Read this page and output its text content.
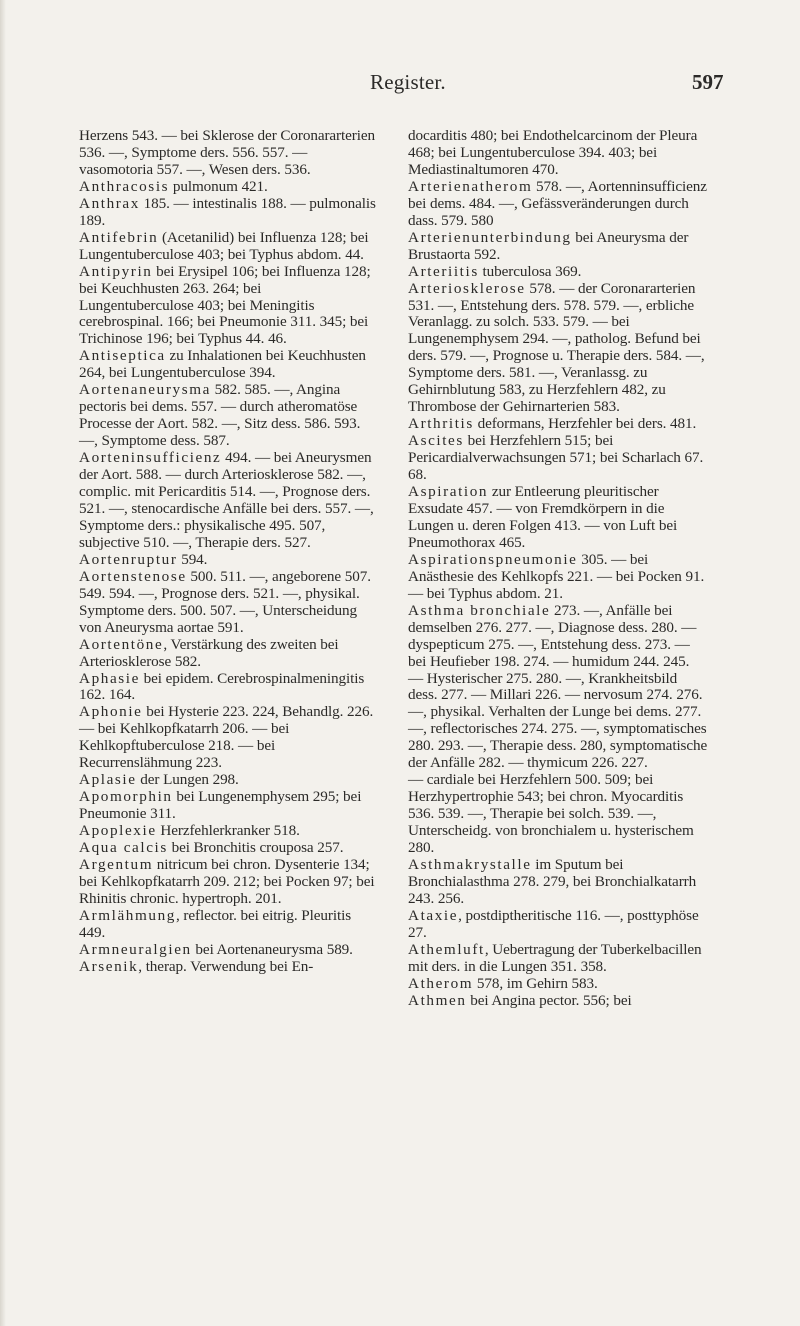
Register.	597

Herzens 543. — bei Sklerose der Coronararterien 536. —, Symptome ders. 556. 557. — vasomotoria 557. —, Wesen ders. 536.

Anthracosis pulmonum 421.

Anthrax 185. — intestinalis 188. — pulmonalis 189.

Antifebrin (Acetanilid) bei Influenza 128; bei Lungentuberculose 403; bei Typhus abdom. 44.

Antipyrin bei Erysipel 106; bei Influenza 128; bei Keuchhusten 263. 264; bei Lungentuberculose 403; bei Meningitis cerebrospinal. 166; bei Pneumonie 311. 345; bei Trichinose 196; bei Typhus 44. 46.

Antiseptica zu Inhalationen bei Keuchhusten 264, bei Lungentuberculose 394.

Aortenaneurysma 582. 585. —, Angina pectoris bei dems. 557. — durch atheromatöse Processe der Aort. 582. —, Sitz dess. 586. 593. —, Symptome dess. 587.

Aorteninsufficienz 494. — bei Aneurysmen der Aort. 588. — durch Arteriosklerose 582. —, complic. mit Pericarditis 514. —, Prognose ders. 521. —, stenocardische Anfälle bei ders. 557. —, Symptome ders.: physikalische 495. 507, subjective 510. —, Therapie ders. 527.

Aortenruptur 594.

Aortenstenose 500. 511. —, angeborene 507. 549. 594. —, Prognose ders. 521. —, physikal. Symptome ders. 500. 507. —, Unterscheidung von Aneurysma aortae 591.

Aortentöne, Verstärkung des zweiten bei Arteriosklerose 582.

Aphasie bei epidem. Cerebrospinalmeningitis 162. 164.

Aphonie bei Hysterie 223. 224, Behandlg. 226. — bei Kehlkopfkatarrh 206. — bei Kehlkopftuberculose 218. — bei Recurrenslähmung 223.

Aplasie der Lungen 298.

Apomorphin bei Lungenemphysem 295; bei Pneumonie 311.

Apoplexie Herzfehlerkranker 518.

Aqua calcis bei Bronchitis crouposa 257.

Argentum nitricum bei chron. Dysenterie 134; bei Kehlkopfkatarrh 209. 212; bei Pocken 97; bei Rhinitis chronic. hypertroph. 201.

Armlähmung, reflector. bei eitrig. Pleuritis 449.

Armneuralgien bei Aortenaneurysma 589.

Arsenik, therap. Verwendung bei En-

docarditis 480; bei Endothelcarcinom der Pleura 468; bei Lungentuberculose 394. 403; bei Mediastinaltumoren 470.

Arterienatherom 578. —, Aortenninsufficienz bei dems. 484. —, Gefässveränderungen durch dass. 579. 580

Arterienunterbindung bei Aneurysma der Brustaorta 592.

Arteriitis tuberculosa 369.

Arteriosklerose 578. — der Coronararterien 531. —, Entstehung ders. 578. 579. —, erbliche Veranlagg. zu solch. 533. 579. — bei Lungenemphysem 294. —, patholog. Befund bei ders. 579. —, Prognose u. Therapie ders. 584. —, Symptome ders. 581. —, Veranlassg. zu Gehirnblutung 583, zu Herzfehlern 482, zu Thrombose der Gehirnarterien 583.

Arthritis deformans, Herzfehler bei ders. 481.

Ascites bei Herzfehlern 515; bei Pericardialverwachsungen 571; bei Scharlach 67. 68.

Aspiration zur Entleerung pleuritischer Exsudate 457. — von Fremdkörpern in die Lungen u. deren Folgen 413. — von Luft bei Pneumothorax 465.

Aspirationspneumonie 305. — bei Anästhesie des Kehlkopfs 221. — bei Pocken 91. — bei Typhus abdom. 21.

Asthma bronchiale 273. —, Anfälle bei demselben 276. 277. —, Diagnose dess. 280. — dyspepticum 275. —, Entstehung dess. 273. — bei Heufieber 198. 274. — humidum 244. 245. — Hysterischer 275. 280. —, Krankheitsbild dess. 277. — Millari 226. — nervosum 274. 276. —, physikal. Verhalten der Lunge bei dems. 277. —, reflectorisches 274. 275. —, symptomatisches 280. 293. —, Therapie dess. 280, symptomatische der Anfälle 282. — thymicum 226. 227.

— cardiale bei Herzfehlern 500. 509; bei Herzhypertrophie 543; bei chron. Myocarditis 536. 539. —, Therapie bei solch. 539. —, Unterscheidg. von bronchialem u. hysterischem 280.

Asthmakrystalle im Sputum bei Bronchialasthma 278. 279, bei Bronchialkatarrh 243. 256.

Ataxie, postdiptheritische 116. —, posttyphöse 27.

Athemluft, Uebertragung der Tuberkelbacillen mit ders. in die Lungen 351. 358.

Atherom 578, im Gehirn 583.

Athmen bei Angina pector. 556; bei
